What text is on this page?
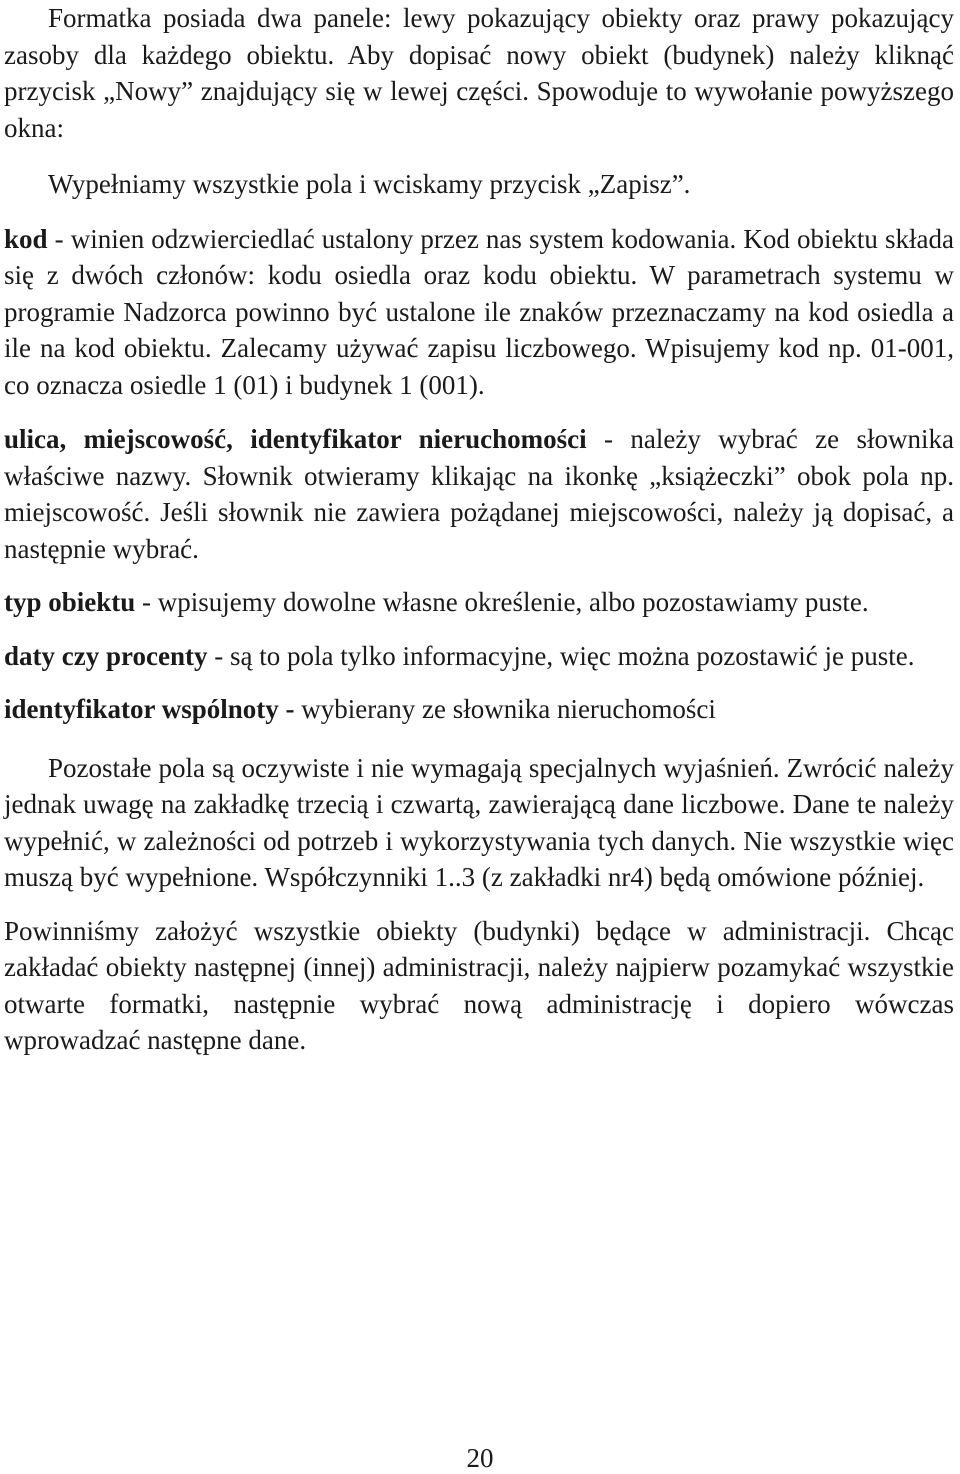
Formatka posiada dwa panele: lewy pokazujący obiekty oraz prawy pokazujący zasoby dla każdego obiektu. Aby dopisać nowy obiekt (budynek) należy kliknąć przycisk „Nowy” znajdujący się w lewej części. Spowoduje to wywołanie powyższego okna:

Wypełniamy wszystkie pola i wciskamy przycisk „Zapisz”.

kod - winien odzwierciedlać ustalony przez nas system kodowania. Kod obiektu składa się z dwóch członów: kodu osiedla oraz kodu obiektu. W parametrach systemu w programie Nadzorca powinno być ustalone ile znaków przeznaczamy na kod osiedla a ile na kod obiektu. Zalecamy używać zapisu liczbowego. Wpisujemy kod np. 01-001, co oznacza osiedle 1 (01) i budynek 1 (001).

ulica, miejscowość, identyfikator nieruchomości - należy wybrać ze słownika właściwe nazwy. Słownik otwieramy klikając na ikonkę „książeczki” obok pola np. miejscowość. Jeśli słownik nie zawiera pożądanej miejscowości, należy ją dopisać, a następnie wybrać.

typ obiektu - wpisujemy dowolne własne określenie, albo pozostawiamy puste.

daty czy procenty - są to pola tylko informacyjne, więc można pozostawić je puste.

identyfikator wspólnoty - wybierany ze słownika nieruchomości

Pozostałe pola są oczywiste i nie wymagają specjalnych wyjaśnień. Zwrócić należy jednak uwagę na zakładkę trzecią i czwartą, zawierającą dane liczbowe. Dane te należy wypełnić, w zależności od potrzeb i wykorzystywania tych danych. Nie wszystkie więc muszą być wypełnione. Współczynniki 1..3 (z zakładki nr4) będą omówione później.

Powinniśmy założyć wszystkie obiekty (budynki) będące w administracji. Chcąc zakładać obiekty następnej (innej) administracji, należy najpierw pozamykać wszystkie otwarte formatki, następnie wybrać nową administrację i dopiero wówczas wprowadzać następne dane.

20
